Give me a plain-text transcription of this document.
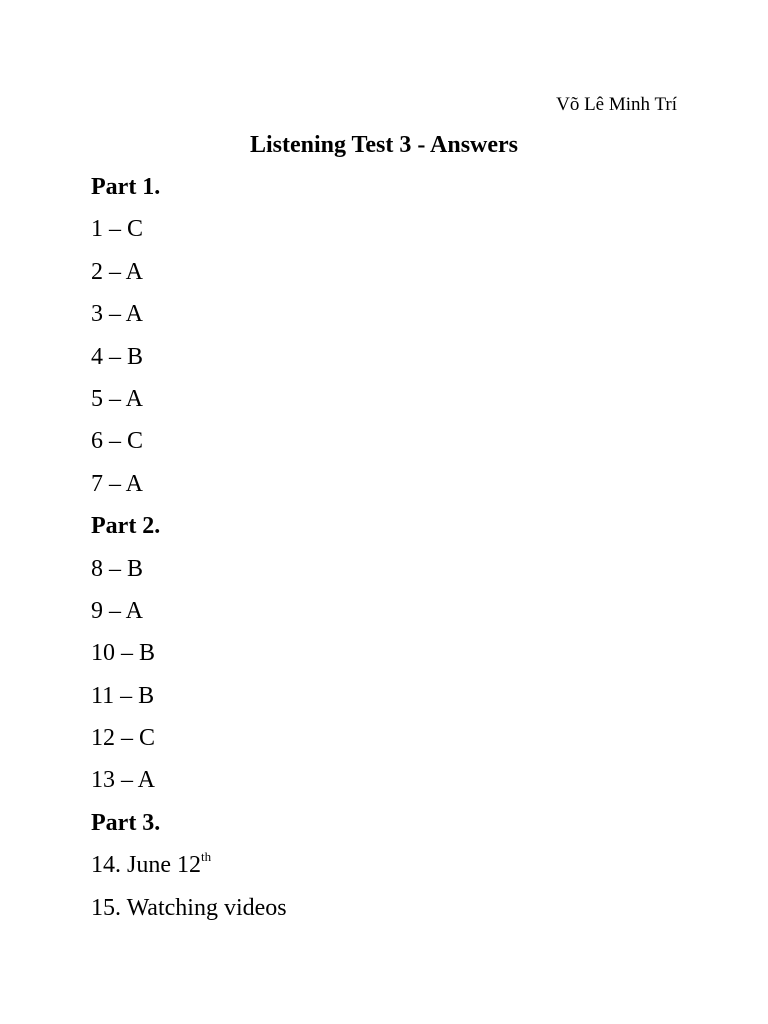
Võ Lê Minh Trí
Listening Test 3 - Answers
Part 1.
1 – C
2 – A
3 – A
4 – B
5 – A
6 – C
7 – A
Part 2.
8 – B
9 – A
10 – B
11 – B
12 – C
13 – A
Part 3.
14. June 12th
15. Watching videos
